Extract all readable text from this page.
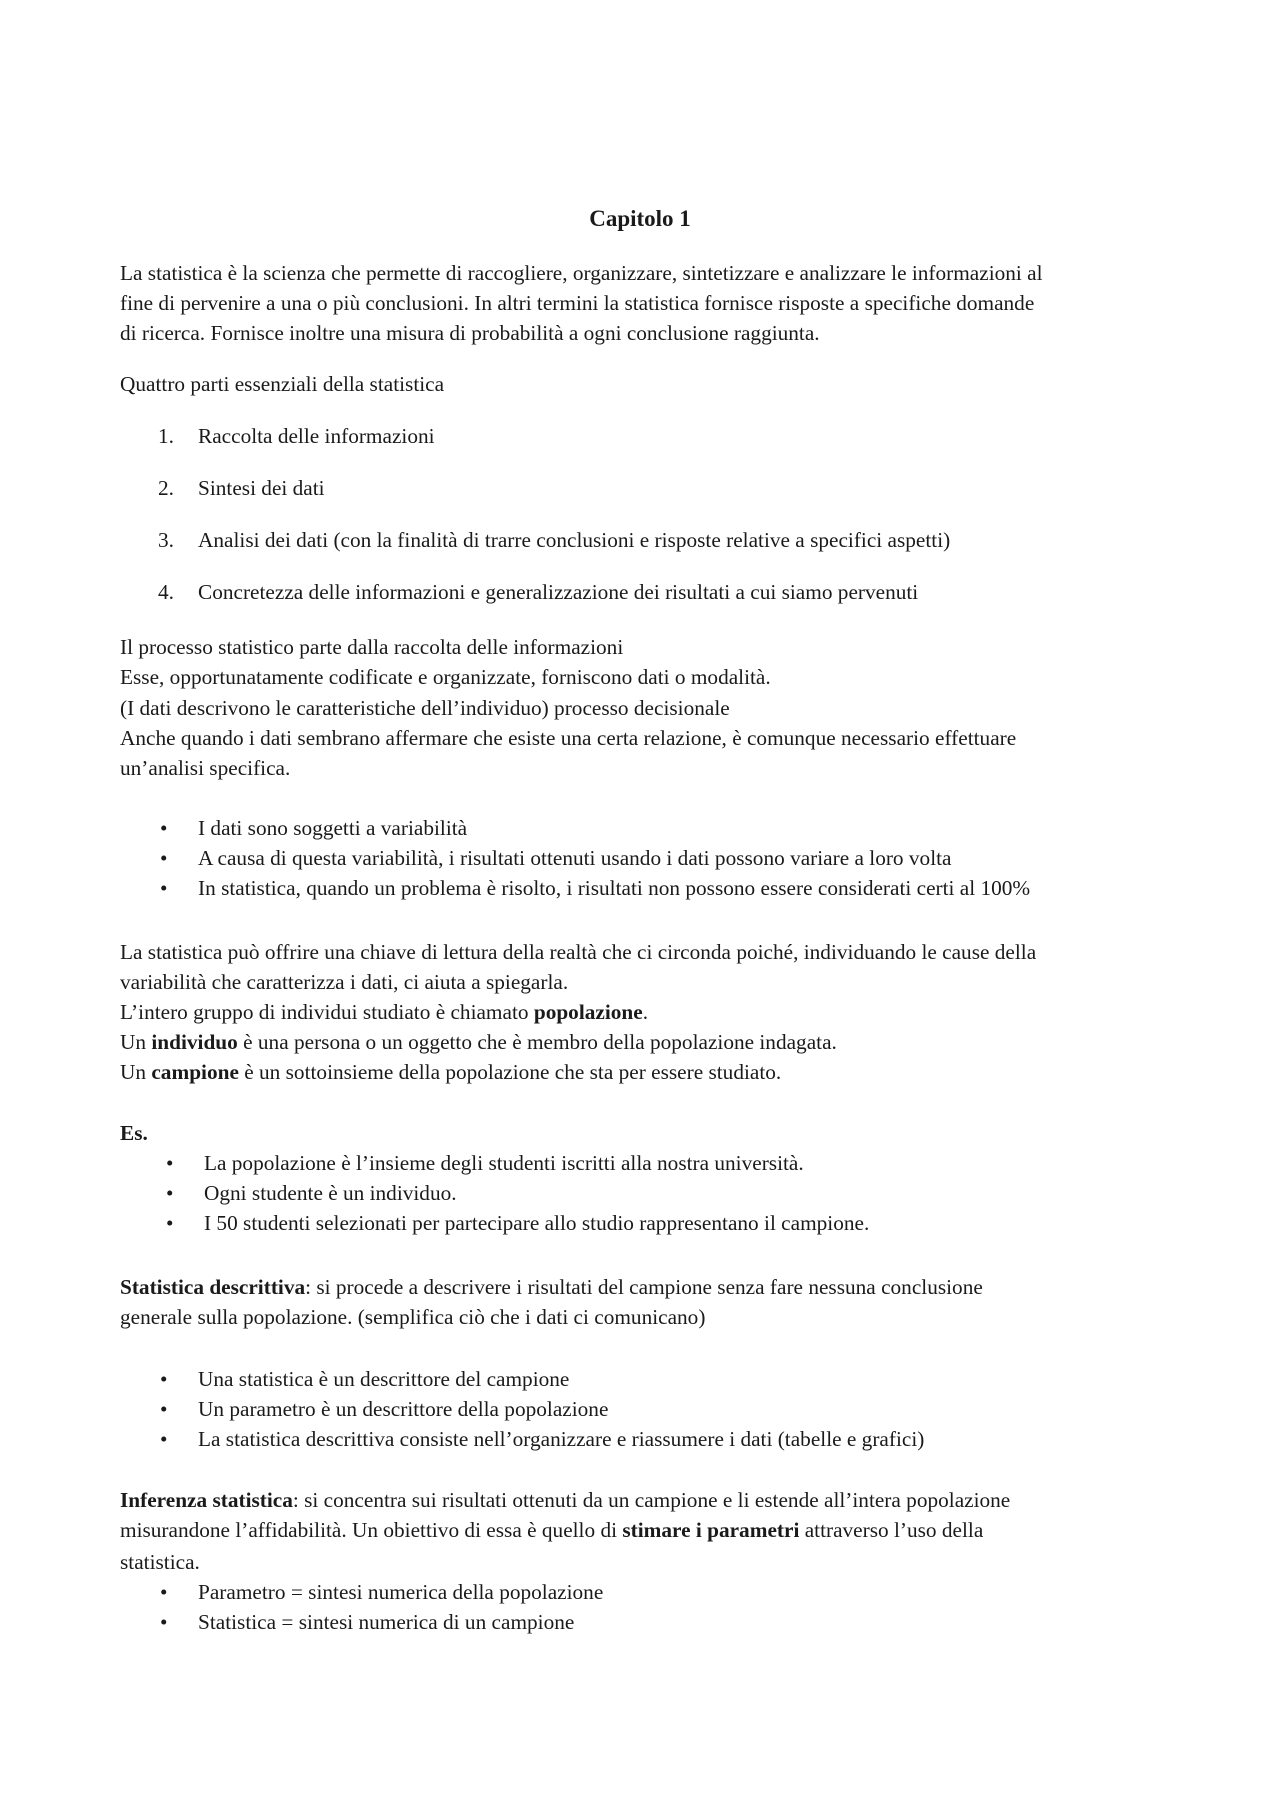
Capitolo 1

La statistica è la scienza che permette di raccogliere, organizzare, sintetizzare e analizzare le informazioni al

fine di pervenire a una o più conclusioni. In altri termini la statistica fornisce risposte a specifiche domande

di ricerca. Fornisce inoltre una misura di probabilità a ogni conclusione raggiunta.

Quattro parti essenziali della statistica

1. Raccolta delle informazioni
2. Sintesi dei dati
3. Analisi dei dati (con la finalità di trarre conclusioni e risposte relative a specifici aspetti)
4. Concretezza delle informazioni e generalizzazione dei risultati a cui siamo pervenuti

Il processo statistico parte dalla raccolta delle informazioni

Esse, opportunatamente codificate e organizzate, forniscono dati o modalità.

(I dati descrivono le caratteristiche dell’individuo) processo decisionale

Anche quando i dati sembrano affermare che esiste una certa relazione, è comunque necessario effettuare

un’analisi specifica.

• I dati sono soggetti a variabilità
• A causa di questa variabilità, i risultati ottenuti usando i dati possono variare a loro volta
• In statistica, quando un problema è risolto, i risultati non possono essere considerati certi al 100%

La statistica può offrire una chiave di lettura della realtà che ci circonda poiché, individuando le cause della

variabilità che caratterizza i dati, ci aiuta a spiegarla.

L’intero gruppo di individui studiato è chiamato popolazione.

Un individuo è una persona o un oggetto che è membro della popolazione indagata.

Un campione è un sottoinsieme della popolazione che sta per essere studiato.

Es.

• La popolazione è l’insieme degli studenti iscritti alla nostra università.
• Ogni studente è un individuo.
• I 50 studenti selezionati per partecipare allo studio rappresentano il campione.

Statistica descrittiva: si procede a descrivere i risultati del campione senza fare nessuna conclusione

generale sulla popolazione. (semplifica ciò che i dati ci comunicano)

• Una statistica è un descrittore del campione
• Un parametro è un descrittore della popolazione
• La statistica descrittiva consiste nell’organizzare e riassumere i dati (tabelle e grafici)

Inferenza statistica: si concentra sui risultati ottenuti da un campione e li estende all’intera popolazione

misurandone l’affidabilità. Un obiettivo di essa è quello di stimare i parametri attraverso l’uso della

statistica.

• Parametro = sintesi numerica della popolazione
• Statistica = sintesi numerica di un campione
